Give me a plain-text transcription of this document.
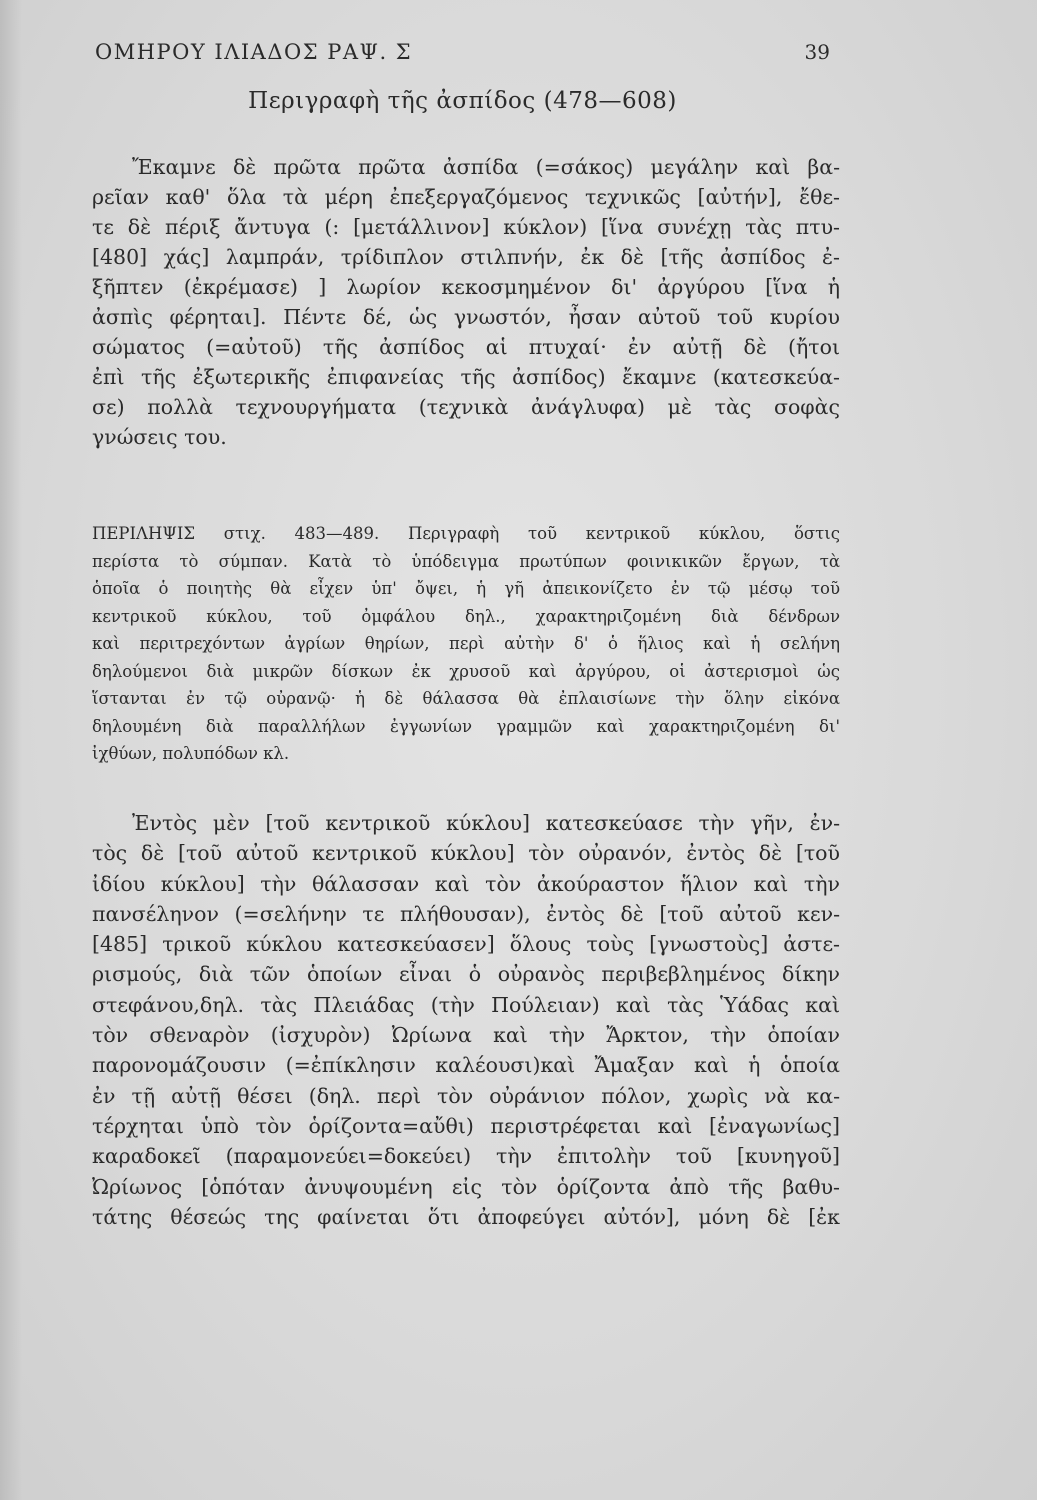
ΟΜΗΡΟΥ ΙΛΙΑΔΟΣ ΡΑΨ. Σ	39
Περιγραφὴ τῆς ἀσπίδος (478—608)
Ἔκαμνε δὲ πρῶτα πρῶτα ἀσπίδα (=σάκος) μεγάλην καὶ βα-
ρεῖαν καθ' ὅλα τὰ μέρη ἐπεξεργαζόμενος τεχνικῶς [αὐτήν], ἔθε-
τε δὲ πέριξ ἄντυγα (: [μετάλλινον] κύκλον) [ἵνα συνέχῃ τὰς πτυ-
[480] χάς] λαμπράν, τρίδιπλον στιλπνήν, ἐκ δὲ [τῆς ἀσπίδος ἐ-
ξῆπτεν (ἐκρέμασε) ] λωρίον κεκοσμημένον δι' ἀργύρου [ἵνα ἡ
ἀσπὶς φέρηται]. Πέντε δέ, ὡς γνωστόν, ἦσαν αὐτοῦ τοῦ κυρίου
σώματος (=αὐτοῦ) τῆς ἀσπίδος αἱ πτυχαί· ἐν αὐτῇ δὲ (ἤτοι
ἐπὶ τῆς ἐξωτερικῆς ἐπιφανείας τῆς ἀσπίδος) ἔκαμνε (κατεσκεύα-
σε) πολλὰ τεχνουργήματα (τεχνικὰ ἀνάγλυφα) μὲ τὰς σοφὰς
γνώσεις του.
ΠΕΡΙΛΗΨΙΣ στιχ. 483—489. Περιγραφὴ τοῦ κεντρικοῦ κύκλου, ὅστις
περίστα τὸ σύμπαν. Κατὰ τὸ ὑπόδειγμα πρωτύπων φοινικικῶν ἔργων, τὰ
ὁποῖα ὁ ποιητὴς θὰ εἶχεν ὑπ' ὄψει, ἡ γῆ ἀπεικονίζετο ἐν τῷ μέσῳ τοῦ
κεντρικοῦ κύκλου, τοῦ ὀμφάλου δηλ., χαρακτηριζομένη διὰ δένδρων
καὶ περιτρεχόντων ἀγρίων θηρίων, περὶ αὐτὴν δ' ὁ ἥλιος καὶ ἡ σελήνη
δηλούμενοι διὰ μικρῶν δίσκων ἐκ χρυσοῦ καὶ ἀργύρου, οἱ ἀστερισμοὶ ὡς
ἵστανται ἐν τῷ οὐρανῷ· ἡ δὲ θάλασσα θὰ ἐπλαισίωνε τὴν ὅλην εἰκόνα
δηλουμένη διὰ παραλλήλων ἐγγωνίων γραμμῶν καὶ χαρακτηριζομένη δι'
ἰχθύων, πολυπόδων κλ.
Ἐντὸς μὲν [τοῦ κεντρικοῦ κύκλου] κατεσκεύασε τὴν γῆν, ἐν-
τὸς δὲ [τοῦ αὐτοῦ κεντρικοῦ κύκλου] τὸν οὐρανόν, ἐντὸς δὲ [τοῦ
ἰδίου κύκλου] τὴν θάλασσαν καὶ τὸν ἀκούραστον ἥλιον καὶ τὴν
πανσέληνον (=σελήνην τε πλήθουσαν), ἐντὸς δὲ [τοῦ αὐτοῦ κεν-
[485] τρικοῦ κύκλου κατεσκεύασεν] ὅλους τοὺς [γνωστοὺς] ἀστε-
ρισμούς, διὰ τῶν ὁποίων εἶναι ὁ οὐρανὸς περιβεβλημένος δίκην
στεφάνου,δηλ. τὰς Πλειάδας (τὴν Πούλειαν) καὶ τὰς Ὑάδας καὶ
τὸν σθεναρὸν (ἰσχυρὸν) Ὠρίωνα καὶ τὴν Ἄρκτον, τὴν ὁποίαν
παρονομάζουσιν (=ἐπίκλησιν καλέουσι)καὶ Ἄμαξαν καὶ ἡ ὁποία
ἐν τῇ αὐτῇ θέσει (δηλ. περὶ τὸν οὐράνιον πόλον, χωρὶς νὰ κα-
τέρχηται ὑπὸ τὸν ὁρίζοντα=αὔθι) περιστρέφεται καὶ [ἐναγωνίως]
καραδοκεῖ (παραμονεύει=δοκεύει) τὴν ἐπιτολὴν τοῦ [κυνηγοῦ]
Ὠρίωνος [ὁπόταν ἀνυψουμένη εἰς τὸν ὁρίζοντα ἀπὸ τῆς βαθυ-
τάτης θέσεώς της φαίνεται ὅτι ἀποφεύγει αὐτόν], μόνη δὲ [ἐκ
